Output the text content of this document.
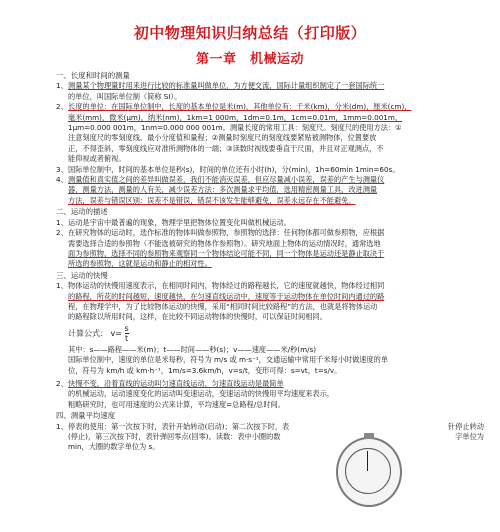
初中物理知识归纳总结（打印版）
第一章　机械运动
一、长度和时间的测量
1、 测量某个物理量时用来进行比较的标准量叫做单位，为方便交流，国际计量组织制定了一套国际统一
的单位，叫国际单位制（简称 SI）。
2、 长度的单位：在国际单位制中，长度的基本单位是米(m)，其他单位有：千米(km)，分米(dm)，厘米(cm)，
毫米(mm)，微米(μm)，纳米(nm)，1km=1 000m，1dm=0.1m，1cm=0.01m，1mm=0.001m，
1μm=0.000 001m，1nm=0.000 000 001m。测量长度的常用工具：刻度尺。刻度尺的使用方法：①
注意刻度尺的零刻度线、最小分度值和量程；②测量时刻度尺的刻度线要紧贴被测物体，位置要放
正，不得歪斜，零刻度线应对准所测物体的一端；③读数时视线要垂直于尺面，并且对正观测点，不
能仰视或者俯视。
3、 国际单位制中，时间的基本单位是秒(s)，时间的单位还有小时(h)，分(min)，1h=60min 1min=60s。
4、 测量值和真实值之间的差异叫做误差，我们不能消灭误差，但应尽量减小误差，误差的产生与测量仪
器，测量方法，测量的人有关，减少误差方法：多次测量求平均值，选用精密测量工具，改进测量
方法，误差与错误区别：误差不是错误，错误不该发生能够避免，误差永远存在不能避免。
二、运动的描述
1、 运动是宇宙中最普遍的现象，物理学里把物体位置变化叫做机械运动。
2、 在研究物体的运动时，选作标准的物体叫做参照物，参照物的选择：任何物体都可做参照物，应根据
需要选择合适的参照物（不能选被研究的物体作参照物）。研究地面上物体的运动情况时，通常选地
面为参照物，选择不同的参照物来观察同一个物体结论可能不同，同一个物体是运动还是静止取决于
所选的参照物，这就是运动和静止的相对性。
三、运动的快慢
1、 物体运动的快慢用速度表示，在相同时间内，物体经过的路程越长，它的速度就越快，物体经过相同
的路程，所花的时间越短，速度越快，在匀速直线运动中，速度等于运动物体在单位时间内通过的路
程，在物理学中，为了比较物体运动的快慢，采用“相同时间比较路程”的方法，也就是将物体运动
的路程除以所用时间，这样，在比较不同运动物体的快慢时，可以保证时间相同。
计算公式： $v= \frac{s}{t}$
其中：s——路程——米(m)；t——时间——秒(s)；v——速度——米/秒(m/s)
国际单位制中，速度的单位是米每秒，符号为 m/s 或 m·s⁻¹，交通运输中常用千米每小时做速度的单
位，符号为 km/h 或 km·h⁻¹，1m/s=3.6km/h，v=s/t，变形可得：s=vt，t=s/v。
2、 快慢不变，沿着直线的运动叫匀速直线运动，匀速直线运动是最简单
的机械运动，运动速度变化的运动叫变速运动，变速运动的快慢用平均速度来表示，
粗略研究时，也可用速度的公式来计算，平均速度=总路程/总时间。
四、测量平均速度
1、 停表的使用：第一次按下时，表针开始转动(启动)；第二次按下时，表	针停止转动
(停止)，第三次按下时，表针弹回零点(回零)。读数：表中小圈的数	字单位为
min，大圈的数字单位为 s。
